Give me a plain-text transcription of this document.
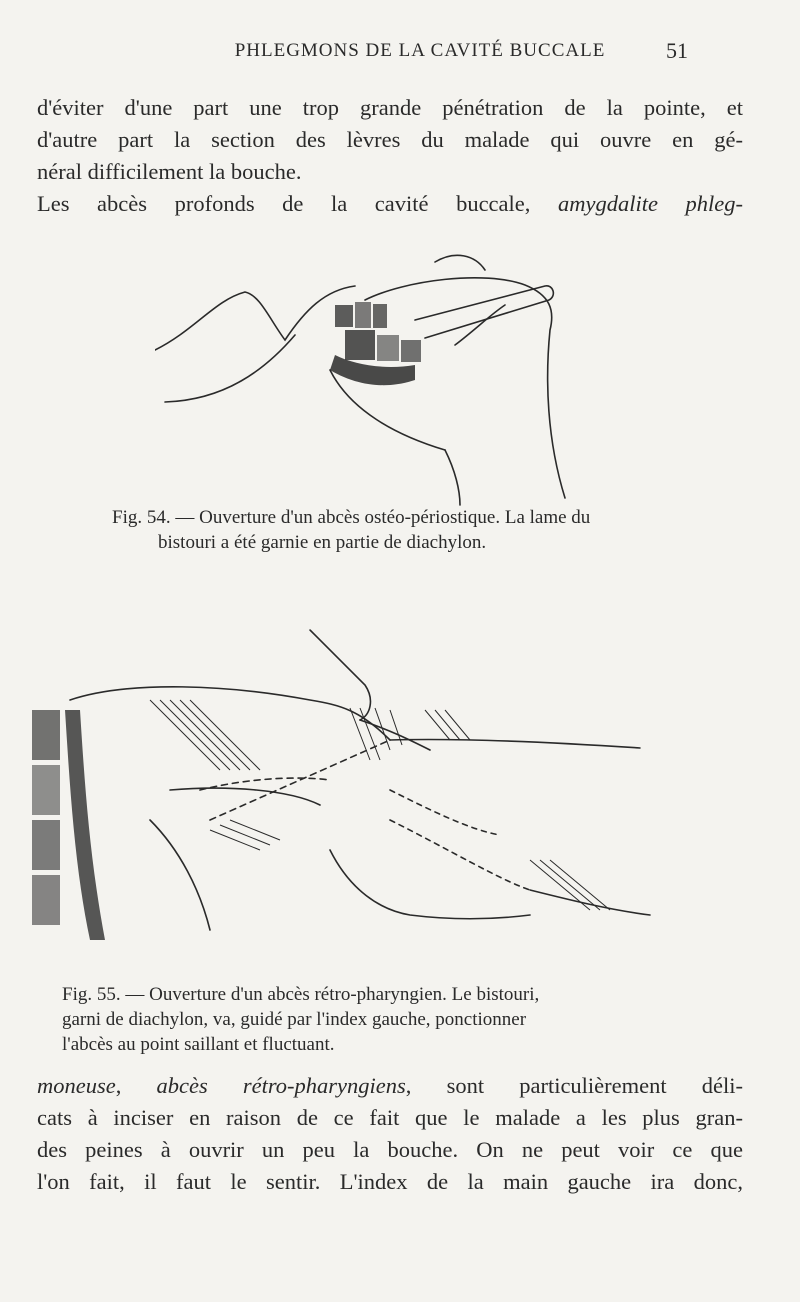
PHLEGMONS DE LA CAVITÉ BUCCALE	51
d'éviter d'une part une trop grande pénétration de la pointe, et
d'autre part la section des lèvres du malade qui ouvre en gé-
néral difficilement la bouche.
Les abcès profonds de la cavité buccale, amygdalite phleg-
Fig. 54. — Ouverture d'un abcès ostéo-périostique. La lame du
bistouri a été garnie en partie de diachylon.
Fig. 55. — Ouverture d'un abcès rétro-pharyngien. Le bistouri,
garni de diachylon, va, guidé par l'index gauche, ponctionner
l'abcès au point saillant et fluctuant.
moneuse, abcès rétro-pharyngiens, sont particulièrement déli-
cats à inciser en raison de ce fait que le malade a les plus gran-
des peines à ouvrir un peu la bouche. On ne peut voir ce que
l'on fait, il faut le sentir. L'index de la main gauche ira donc,
